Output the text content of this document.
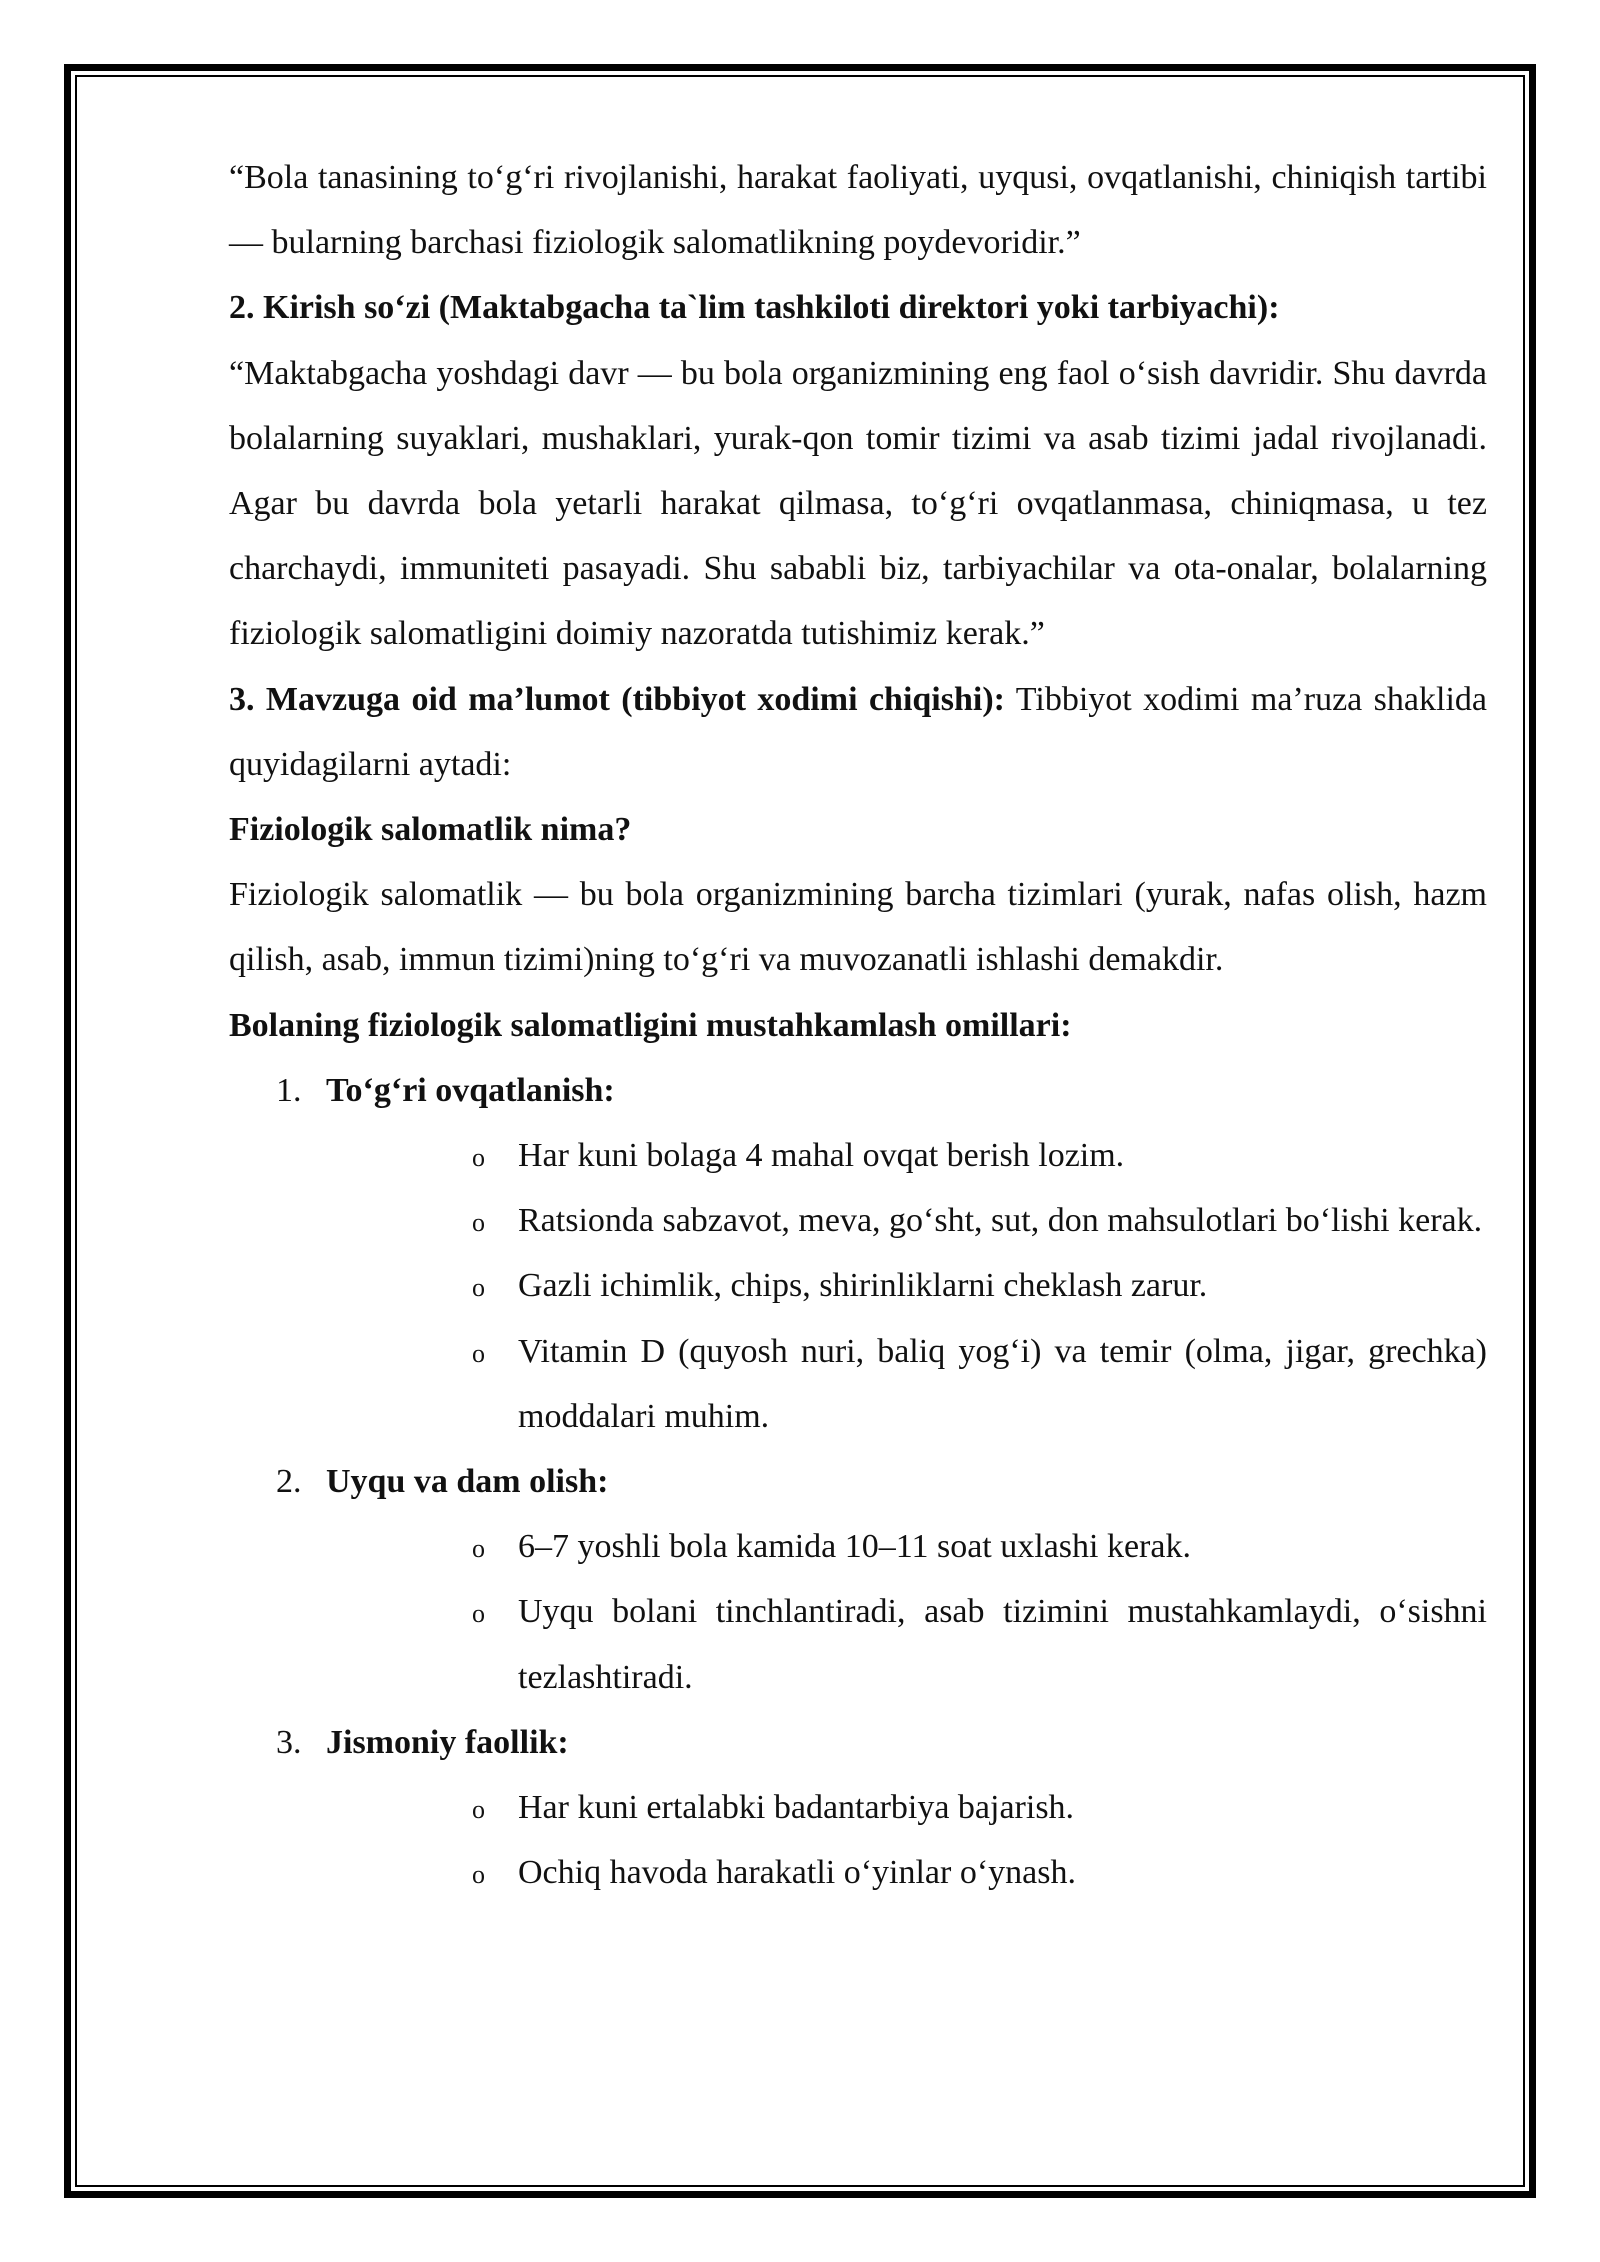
“Bola tanasining to‘g‘ri rivojlanishi, harakat faoliyati, uyqusi, ovqatlanishi, chiniqish tartibi — bularning barchasi fiziologik salomatlikning poydevoridir.”

2. Kirish so‘zi (Maktabgacha ta`lim tashkiloti direktori yoki tarbiyachi):

“Maktabgacha yoshdagi davr — bu bola organizmining eng faol o‘sish davridir. Shu davrda bolalarning suyaklari, mushaklari, yurak-qon tomir tizimi va asab tizimi jadal rivojlanadi. Agar bu davrda bola yetarli harakat qilmasa, to‘g‘ri ovqatlanmasa, chiniqmasa, u tez charchaydi, immuniteti pasayadi. Shu sababli biz, tarbiyachilar va ota-onalar, bolalarning fiziologik salomatligini doimiy nazoratda tutishimiz kerak.”

3. Mavzuga oid ma’lumot (tibbiyot xodimi chiqishi): Tibbiyot xodimi ma’ruza shaklida quyidagilarni aytadi:

Fiziologik salomatlik nima?

Fiziologik salomatlik — bu bola organizmining barcha tizimlari (yurak, nafas olish, hazm qilish, asab, immun tizimi)ning to‘g‘ri va muvozanatli ishlashi demakdir.

Bolaning fiziologik salomatligini mustahkamlash omillari:

1. To‘g‘ri ovqatlanish:
o Har kuni bolaga 4 mahal ovqat berish lozim.
o Ratsionda sabzavot, meva, go‘sht, sut, don mahsulotlari bo‘lishi kerak.
o Gazli ichimlik, chips, shirinliklarni cheklash zarur.
o Vitamin D (quyosh nuri, baliq yog‘i) va temir (olma, jigar, grechka) moddalari muhim.
2. Uyqu va dam olish:
o 6–7 yoshli bola kamida 10–11 soat uxlashi kerak.
o Uyqu bolani tinchlantiradi, asab tizimini mustahkamlaydi, o‘sishni tezlashtiradi.
3. Jismoniy faollik:
o Har kuni ertalabki badantarbiya bajarish.
o Ochiq havoda harakatli o‘yinlar o‘ynash.
